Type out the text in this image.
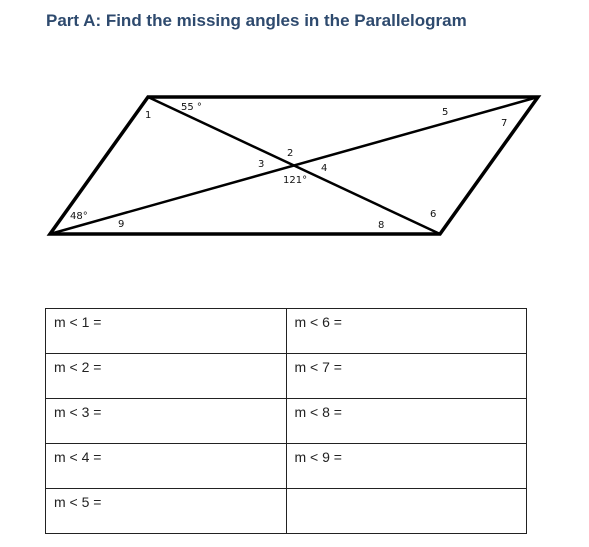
Part A: Find the missing angles in the Parallelogram
55 °
121°
48°
1
2
3	4
5
6
7
8
9
m < 1 =	m < 6 =
m < 2 =	m < 7 =
m < 3 =	m < 8 =
m < 4 =	m < 9 =
m < 5 =	
